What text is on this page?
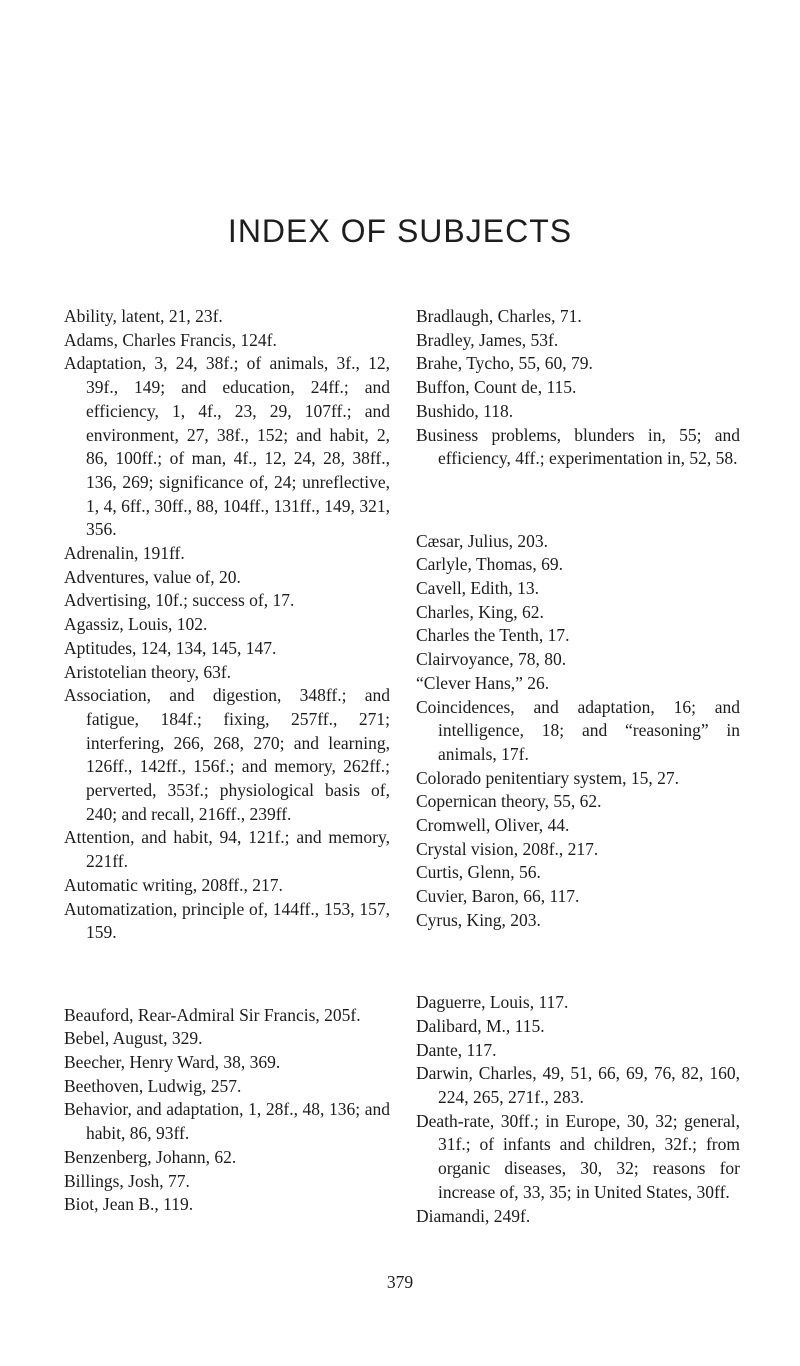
INDEX OF SUBJECTS

Ability, latent, 21, 23f.

Adams, Charles Francis, 124f.

Adaptation, 3, 24, 38f.; of animals, 3f., 12, 39f., 149; and education, 24ff.; and efficiency, 1, 4f., 23, 29, 107ff.; and environment, 27, 38f., 152; and habit, 2, 86, 100ff.; of man, 4f., 12, 24, 28, 38ff., 136, 269; significance of, 24; unreflective, 1, 4, 6ff., 30ff., 88, 104ff., 131ff., 149, 321, 356.

Adrenalin, 191ff.

Adventures, value of, 20.

Advertising, 10f.; success of, 17.

Agassiz, Louis, 102.

Aptitudes, 124, 134, 145, 147.

Aristotelian theory, 63f.

Association, and digestion, 348ff.; and fatigue, 184f.; fixing, 257ff., 271; interfering, 266, 268, 270; and learning, 126ff., 142ff., 156f.; and memory, 262ff.; perverted, 353f.; physiological basis of, 240; and recall, 216ff., 239ff.

Attention, and habit, 94, 121f.; and memory, 221ff.

Automatic writing, 208ff., 217.

Automatization, principle of, 144ff., 153, 157, 159.

Beauford, Rear-Admiral Sir Francis, 205f.

Bebel, August, 329.

Beecher, Henry Ward, 38, 369.

Beethoven, Ludwig, 257.

Behavior, and adaptation, 1, 28f., 48, 136; and habit, 86, 93ff.

Benzenberg, Johann, 62.

Billings, Josh, 77.

Biot, Jean B., 119.

Bradlaugh, Charles, 71.

Bradley, James, 53f.

Brahe, Tycho, 55, 60, 79.

Buffon, Count de, 115.

Bushido, 118.

Business problems, blunders in, 55; and efficiency, 4ff.; experimentation in, 52, 58.

Cæsar, Julius, 203.

Carlyle, Thomas, 69.

Cavell, Edith, 13.

Charles, King, 62.

Charles the Tenth, 17.

Clairvoyance, 78, 80.

“Clever Hans,” 26.

Coincidences, and adaptation, 16; and intelligence, 18; and “reasoning” in animals, 17f.

Colorado penitentiary system, 15, 27.

Copernican theory, 55, 62.

Cromwell, Oliver, 44.

Crystal vision, 208f., 217.

Curtis, Glenn, 56.

Cuvier, Baron, 66, 117.

Cyrus, King, 203.

Daguerre, Louis, 117.

Dalibard, M., 115.

Dante, 117.

Darwin, Charles, 49, 51, 66, 69, 76, 82, 160, 224, 265, 271f., 283.

Death-rate, 30ff.; in Europe, 30, 32; general, 31f.; of infants and children, 32f.; from organic diseases, 30, 32; reasons for increase of, 33, 35; in United States, 30ff.

Diamandi, 249f.

379
